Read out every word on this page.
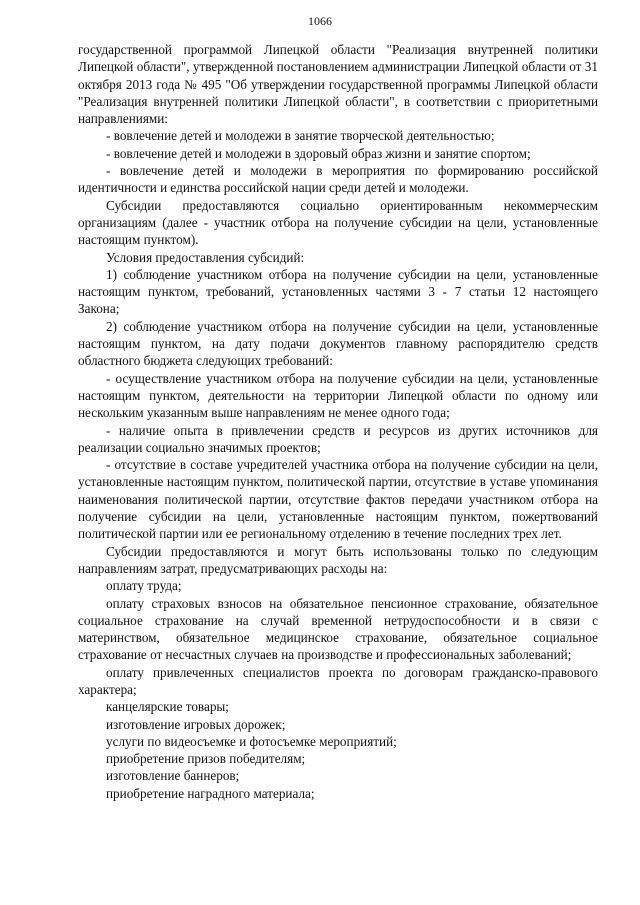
1066

государственной программой Липецкой области "Реализация внутренней политики Липецкой области", утвержденной постановлением администрации Липецкой области от 31 октября 2013 года № 495 "Об утверждении государственной программы Липецкой области "Реализация внутренней политики Липецкой области", в соответствии с приоритетными направлениями:

- вовлечение детей и молодежи в занятие творческой деятельностью;

- вовлечение детей и молодежи в здоровый образ жизни и занятие спортом;

- вовлечение детей и молодежи в мероприятия по формированию российской идентичности и единства российской нации среди детей и молодежи.

Субсидии предоставляются социально ориентированным некоммерческим организациям (далее - участник отбора на получение субсидии на цели, установленные настоящим пунктом).

Условия предоставления субсидий:

1) соблюдение участником отбора на получение субсидии на цели, установленные настоящим пунктом, требований, установленных частями 3 - 7 статьи 12 настоящего Закона;

2) соблюдение участником отбора на получение субсидии на цели, установленные настоящим пунктом, на дату подачи документов главному распорядителю средств областного бюджета следующих требований:

- осуществление участником отбора на получение субсидии на цели, установленные настоящим пунктом, деятельности на территории Липецкой области по одному или нескольким указанным выше направлениям не менее одного года;

- наличие опыта в привлечении средств и ресурсов из других источников для реализации социально значимых проектов;

- отсутствие в составе учредителей участника отбора на получение субсидии на цели, установленные настоящим пунктом, политической партии, отсутствие в уставе упоминания наименования политической партии, отсутствие фактов передачи участником отбора на получение субсидии на цели, установленные настоящим пунктом, пожертвований политической партии или ее региональному отделению в течение последних трех лет.

Субсидии предоставляются и могут быть использованы только по следующим направлениям затрат, предусматривающих расходы на:

оплату труда;

оплату страховых взносов на обязательное пенсионное страхование, обязательное социальное страхование на случай временной нетрудоспособности и в связи с материнством, обязательное медицинское страхование, обязательное социальное страхование от несчастных случаев на производстве и профессиональных заболеваний;

оплату привлеченных специалистов проекта по договорам гражданско-правового характера;

канцелярские товары;

изготовление игровых дорожек;

услуги по видеосъемке и фотосъемке мероприятий;

приобретение призов победителям;

изготовление баннеров;

приобретение наградного материала;
